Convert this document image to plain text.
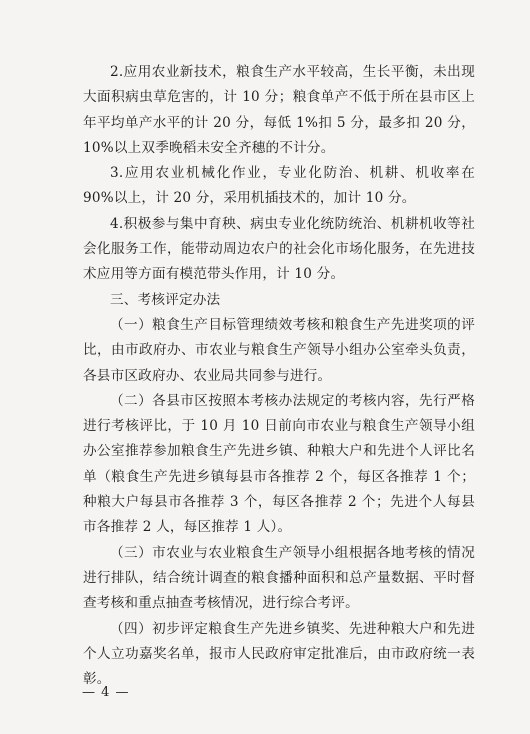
2.应用农业新技术，粮食生产水平较高，生长平衡，未出现大面积病虫草危害的，计 10 分；粮食单产不低于所在县市区上年平均单产水平的计 20 分，每低 1%扣 5 分，最多扣 20 分，10%以上双季晚稻未安全齐穗的不计分。

3.应用农业机械化作业，专业化防治、机耕、机收率在 90%以上，计 20 分，采用机插技术的，加计 10 分。

4.积极参与集中育秧、病虫专业化统防统治、机耕机收等社会化服务工作，能带动周边农户的社会化市场化服务，在先进技术应用等方面有模范带头作用，计 10 分。

三、考核评定办法

（一）粮食生产目标管理绩效考核和粮食生产先进奖项的评比，由市政府办、市农业与粮食生产领导小组办公室牵头负责，各县市区政府办、农业局共同参与进行。

（二）各县市区按照本考核办法规定的考核内容，先行严格进行考核评比，于 10 月 10 日前向市农业与粮食生产领导小组办公室推荐参加粮食生产先进乡镇、种粮大户和先进个人评比名单（粮食生产先进乡镇每县市各推荐 2 个，每区各推荐 1 个；种粮大户每县市各推荐 3 个，每区各推荐 2 个；先进个人每县市各推荐 2 人，每区推荐 1 人）。

（三）市农业与农业粮食生产领导小组根据各地考核的情况进行排队，结合统计调查的粮食播种面积和总产量数据、平时督查考核和重点抽查考核情况，进行综合考评。

（四）初步评定粮食生产先进乡镇奖、先进种粮大户和先进个人立功嘉奖名单，报市人民政府审定批准后，由市政府统一表彰。

— 4 —
